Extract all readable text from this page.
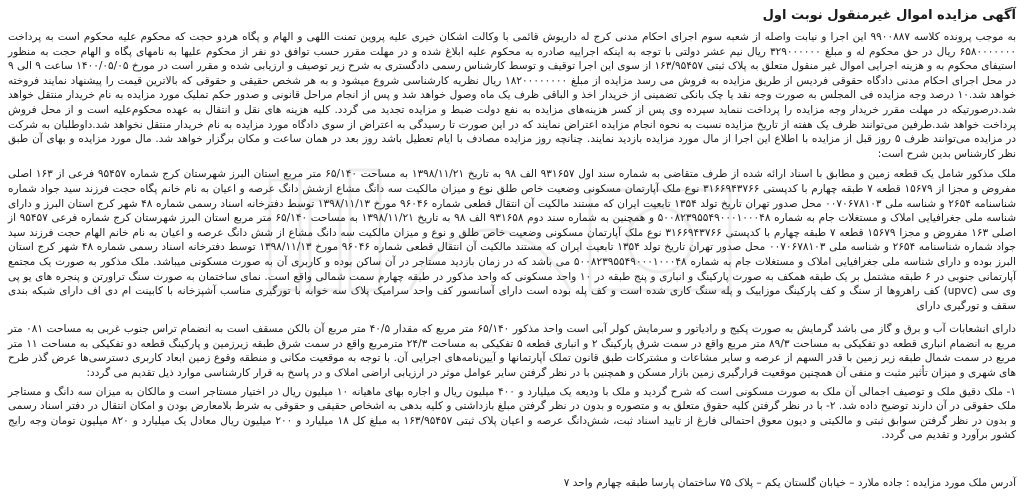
آگهی مزایده اموال غیرمنقول نوبت اول

به موجب پرونده کلاسه ۹۹۰۰۸۸۷ این اجرا و نیابت واصله از شعبه سوم اجرای احکام مدنی کرج له داریوش قائمی با وکالت اشکان خیری علیه پروین تمنت اللهی و الهام و پگاه هردو حجت که محکوم علیه محکوم است به پرداخت ۶۵۸۰۰۰۰۰۰۰ ریال در حق محکوم له و مبلغ ۳۲۹۰۰۰۰۰۰ ریال نیم عشر دولتی با توجه به اینکه اجراییه صادره به محکوم علیه ابلاغ شده و در مهلت مقرر حسب توافق دو نفر از محکوم علیها به نامهای پگاه و الهام حجت به منظور استیفای محکوم به و هزینه اجرایی اموال غیر منقول متعلق به پلاک ثبتی ۱۶۳/۹۵۴۵۷ از سوی این اجرا توقیف و توسط کارشناس رسمی دادگستری به شرح زیر توصیف و ارزیابی شده و مقرر است در مورخ ۱۴۰۰/۰۵/۰۵ ساعت ۹ الی ۹ در محل اجرای احکام مدنی دادگاه حقوقی فردیس از طریق مزایده به فروش می رسد مزایده از مبلغ ۱۸۲۰۰۰۰۰۰۰۰ ریال نظریه کارشناسی شروع میشود و به هر شخص حقیقی و حقوقی که بالاترین قیمت را پیشنهاد نمایند فروخته خواهد شد.۱۰ درصد وجه مزایده فی المجلس به صورت وجه نقد یا چک بانکی تضمینی از خریدار اخذ و الباقی ظرف یک ماه وصول خواهد شد و پس از انجام مراحل قانونی و صدور حکم تملیک مورد مزایده به نام خریدار منتقل خواهد شد.درصورتیکه در مهلت مقرر خریدار وجه مزایده را پرداخت ننماید سپرده وی پس از کسر هزینه‌های مزایده به نفع دولت ضبط و مزایده تجدید می گردد. کلیه هزینه های نقل و انتقال به عهده محکوم‌علیه است و از محل فروش پرداخت خواهد شد.طرفین می‌توانند ظرف یک هفته از تاریخ مزایده نسبت به نحوه انجام مزایده اعتراض نمایند که در این صورت تا رسیدگی به اعتراض از سوی دادگاه مورد مزایده به نام خریدار منتقل نخواهد شد.داوطلبان به شرکت در مزایده می‌توانند ظرف ۵ روز قبل از مزایده با اطلاع این اجرا از مال مورد مزایده بازدید نمایند. چنانچه روز مزایده مصادف با ایام تعطیل باشد روز بعد در همان ساعت و مکان برگزار خواهد شد. مال مورد مزایده و بهای آن طبق نظر کارشناس بدین شرح است:

ملک مذکور شامل یک قطعه زمین و مطابق با اسناد ارائه شده از طرف متقاضی به شماره سند اول ۹۳۱۶۵۷ الف ۹۸ به تاریخ ۱۳۹۸/۱۱/۲۱ به مساحت ۶۵/۱۴۰ متر مربع استان البرز شهرستان کرج شماره ۹۵۴۵۷ فرعی از ۱۶۳ اصلی مفروض و مجزا از ۱۵۶۷۹ قطعه ۷ طبقه چهارم با کدپستی ۳۱۶۶۹۴۳۷۶۶ نوع ملک آپارتمان مسکونی وضعیت خاص طلق نوع و میزان مالکیت سه دانگ مشاع ازشش دانگ عرصه و اعیان به نام خانم پگاه حجت فرزند سید جواد شماره شناسنامه ۲۶۵۴ و شناسه ملی ۰۰۷۰۶۷۸۱۰۳ محل صدور تهران تاریخ تولد ۱۳۵۴ تابعیت ایران که مستند مالکیت آن انتقال قطعی شماره ۹۶۰۴۶ مورخ ۱۳۹۸/۱۱/۱۳ توسط دفترخانه اسناد رسمی شماره ۴۸ شهر کرج استان البرز و دارای شناسه ملی جغرافیایی املاک و مستغلات جام به شماره ۵۰۰۸۲۳۹۵۵۴۹۰۰۰۱۰۰۰۴۸ و همچنین به شماره سند دوم ۹۳۱۶۵۸ الف ۹۸ به تاریخ ۱۳۹۸/۱۱/۲۱ به مساحت ۶۵/۱۴۰ متر مربع استان البرز شهرستان کرج شماره فرعی ۹۵۴۵۷ از اصلی ۱۶۳ مفروض و مجزا ۱۵۶۷۹ قطعه ۷ طبقه چهارم با کدپستی ۳۱۶۶۹۴۳۷۶۶ نوع ملک آپارتمان مسکونی وضعیت خاص طلق و نوع و میزان مالکیت سه دانگ مشاع از شش دانگ عرصه و اعیان به نام خانم الهام حجت فرزند سید جواد شماره شناسنامه ۲۶۵۴ و شناسه ملی ۰۰۷۰۶۷۸۱۰۳ محل صدور تهران تاریخ تولد ۱۳۵۴ تابعیت ایران که مستند مالکیت آن انتقال قطعی شماره ۹۶۰۴۶ مورخ ۱۳۹۸/۱۱/۱۳ توسط دفترخانه اسناد رسمی شماره ۴۸ شهر کرج استان البرز بوده و دارای شناسه ملی جغرافیایی املاک و مستغلات جام به شماره ۵۰۰۸۲۳۹۵۵۴۹۰۰۰۱۰۰۰۴۸ می باشد که در زمان بازدید مستاجر در آن ساکن بوده و کاربری آن به صورت مسکونی میباشد. ملک مذکور به صورت یک مجتمع آپارتمانی جنوبی در ۶ طبقه مشتمل بر یک طبقه همکف به صورت پارکینگ و انباری و پنج طبقه در ۱۰ واحد مسکونی که واحد مذکور در طبقه چهارم سمت شمالی واقع است. نمای ساختمان به صورت سنگ تراورتن و پنجره های یو پی وی سی (upvc) کف راهروها از سنگ و کف پارکینگ موزاییک و پله سنگ کاری شده است و کف پله بوده است دارای آسانسور کف واحد سرامیک پلاک سه خوابه با تورگیری مناسب آشپزخانه با کابینت ام دی اف دارای شبکه بندی سقف و تورگیری دارای

دارای انشعابات آب و برق و گاز می باشد گرمایش به صورت پکیج و رادیاتور و سرمایش کولر آبی است واحد مذکور ۶۵/۱۴۰ متر مربع که مقدار ۴۰/۵ متر مربع آن بالکن مسقف است به انضمام تراس جنوب غربی به مساحت ۰۸۱ متر مربع به انضمام انباری قطعه دو تفکیکی به مساحت ۸۹/۳ متر مربع واقع در سمت شرق پارکینگ ۲ و انباری قطعه ۵ تفکیکی به مساحت ۲۴/۳ مترمربع واقع در سمت شرق طبقه زیرزمین و پارکینگ قطعه دو تفکیکی به مساحت ۱۱ متر مربع در سمت شمال طبقه زیر زمین با قدر السهم از عرصه و سایر مشاعات و مشترکات طبق قانون تملک آپارتمانها و آیین‌نامه‌های اجرایی آن. با توجه به موقعیت مکانی و منطقه وقوع زمین ابعاد کاربری دسترسی‌ها عرض گذر طرح های شهری و میزان تأثیر مثبت و منفی آن همچنین موقعیت قرارگیری زمین بازار مسکن و همچنین با در نظر گرفتن سایر عوامل موثر در ارزیابی اراضی املاک و در پاسخ به قرار کارشناسی موارد ذیل تقدیم می گردد:

۱- ملک دقیق ملک و توصیف اجمالی آن ملک به صورت مسکونی است که شرح گردید و ملک با ودیعه یک میلیارد و ۴۰۰ میلیون ریال و اجاره بهای ماهیانه ۱۰ میلیون ریال در اختیار مستاجر است و مالکان به میزان سه دانگ و مستاجر ملک حقوقی در آن دارند توضیح داده شد. ۲- با در نظر گرفتن کلیه حقوق متعلق به و متصوره و بدون در نظر گرفتن مبلغ بازداشتی و کلیه بدهی به اشخاص حقیقی و حقوقی به شرط بلامعارض بودن و امکان انتقال در دفتر اسناد رسمی و بدون در نظر گرفتن سوابق ثبتی و مالکیتی و دیون معوق احتمالی فارغ از تابید اسناد ثبت، شش‌دانگ عرصه و اعیان پلاک ثبتی ۱۶۳/۹۵۴۵۷ به مبلغ کل ۱۸ میلیارد و ۲۰۰ میلیون ریال معادل یک میلیارد و ۸۲۰ میلیون تومان وجه رایج کشور برآورد و تقدیم می گردد.

آدرس ملک مورد مزایده : جاده ملارد – خیابان گلستان یکم – پلاک ۷۵ ساختمان پارسا طبقه چهارم واحد ۷
